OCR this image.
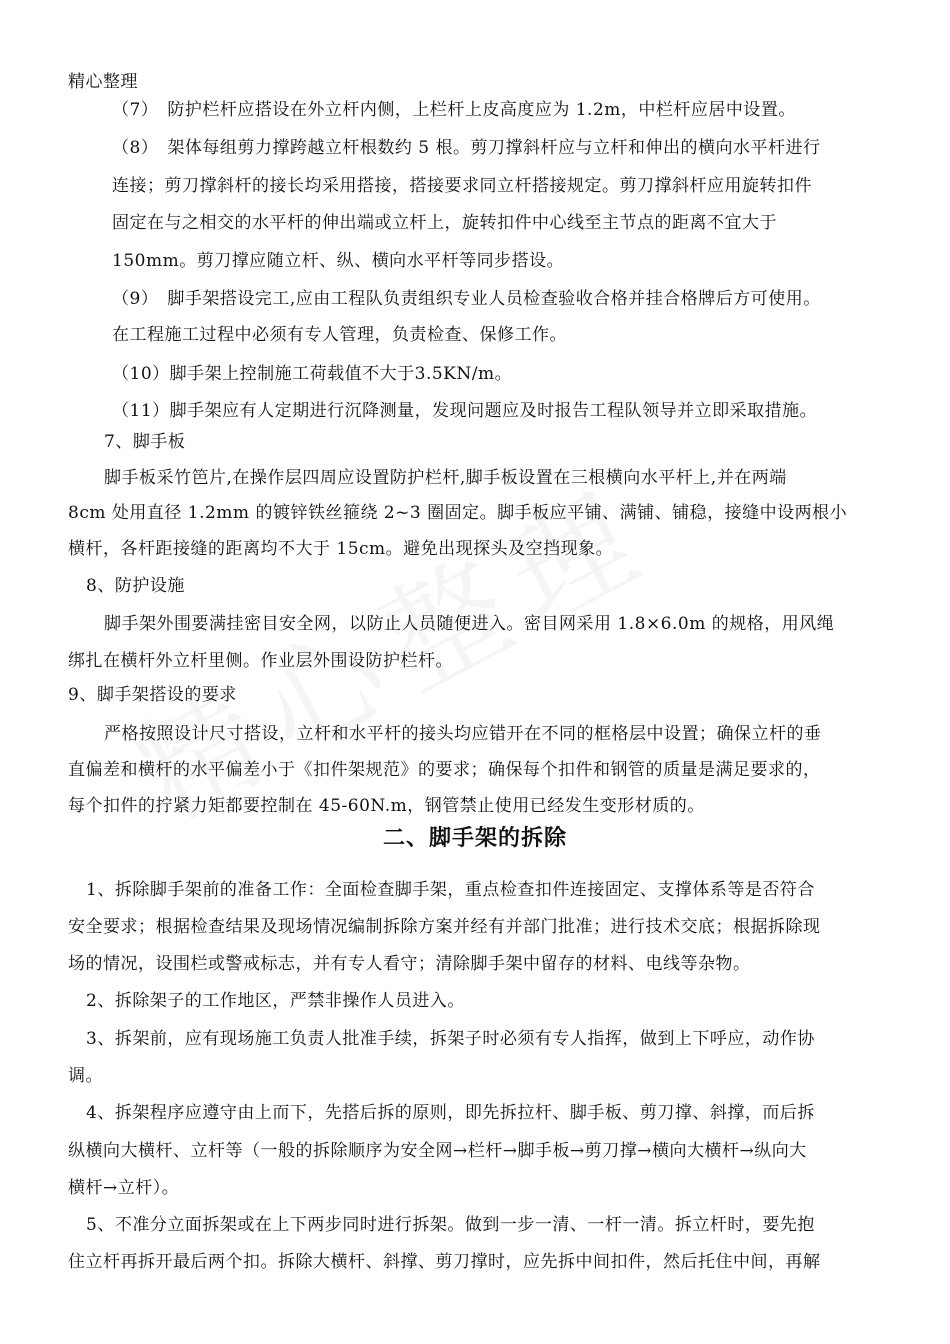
精心整理
（7）　防护栏杆应搭设在外立杆内侧，上栏杆上皮高度应为 1.2m，中栏杆应居中设置。
（8）　架体每组剪力撑跨越立杆根数约 5 根。剪刀撑斜杆应与立杆和伸出的横向水平杆进行
连接；剪刀撑斜杆的接长均采用搭接，搭接要求同立杆搭接规定。剪刀撑斜杆应用旋转扣件
固定在与之相交的水平杆的伸出端或立杆上，旋转扣件中心线至主节点的距离不宜大于
150mm。剪刀撑应随立杆、纵、横向水平杆等同步搭设。
（9）　脚手架搭设完工,应由工程队负责组织专业人员检查验收合格并挂合格牌后方可使用。
在工程施工过程中必须有专人管理，负责检查、保修工作。
（10）脚手架上控制施工荷载值不大于3.5KN/m。
（11）脚手架应有人定期进行沉降测量，发现问题应及时报告工程队领导并立即采取措施。
7、脚手板
脚手板采竹笆片,在操作层四周应设置防护栏杆,脚手板设置在三根横向水平杆上,并在两端
8cm 处用直径 1.2mm 的镀锌铁丝箍绕 2~3 圈固定。脚手板应平铺、满铺、铺稳，接缝中设两根小
横杆，各杆距接缝的距离均不大于 15cm。避免出现探头及空挡现象。
8、防护设施
脚手架外围要满挂密目安全网，以防止人员随便进入。密目网采用 1.8×6.0m 的规格，用风绳
绑扎在横杆外立杆里侧。作业层外围设防护栏杆。
9、脚手架搭设的要求
严格按照设计尺寸搭设，立杆和水平杆的接头均应错开在不同的框格层中设置；确保立杆的垂
直偏差和横杆的水平偏差小于《扣件架规范》的要求；确保每个扣件和钢管的质量是满足要求的，
每个扣件的拧紧力矩都要控制在 45-60N.m，钢管禁止使用已经发生变形材质的。
二、脚手架的拆除
1、拆除脚手架前的准备工作：全面检查脚手架，重点检查扣件连接固定、支撑体系等是否符合
安全要求；根据检查结果及现场情况编制拆除方案并经有并部门批准；进行技术交底；根据拆除现
场的情况，设围栏或警戒标志，并有专人看守；清除脚手架中留存的材料、电线等杂物。
2、拆除架子的工作地区，严禁非操作人员进入。
3、拆架前，应有现场施工负责人批准手续，拆架子时必须有专人指挥，做到上下呼应，动作协
调。
4、拆架程序应遵守由上而下，先搭后拆的原则，即先拆拉杆、脚手板、剪刀撑、斜撑，而后拆
纵横向大横杆、立杆等（一般的拆除顺序为安全网→栏杆→脚手板→剪刀撑→横向大横杆→纵向大
横杆→立杆）。
5、不准分立面拆架或在上下两步同时进行拆架。做到一步一清、一杆一清。拆立杆时，要先抱
住立杆再拆开最后两个扣。拆除大横杆、斜撑、剪刀撑时，应先拆中间扣件，然后托住中间，再解
